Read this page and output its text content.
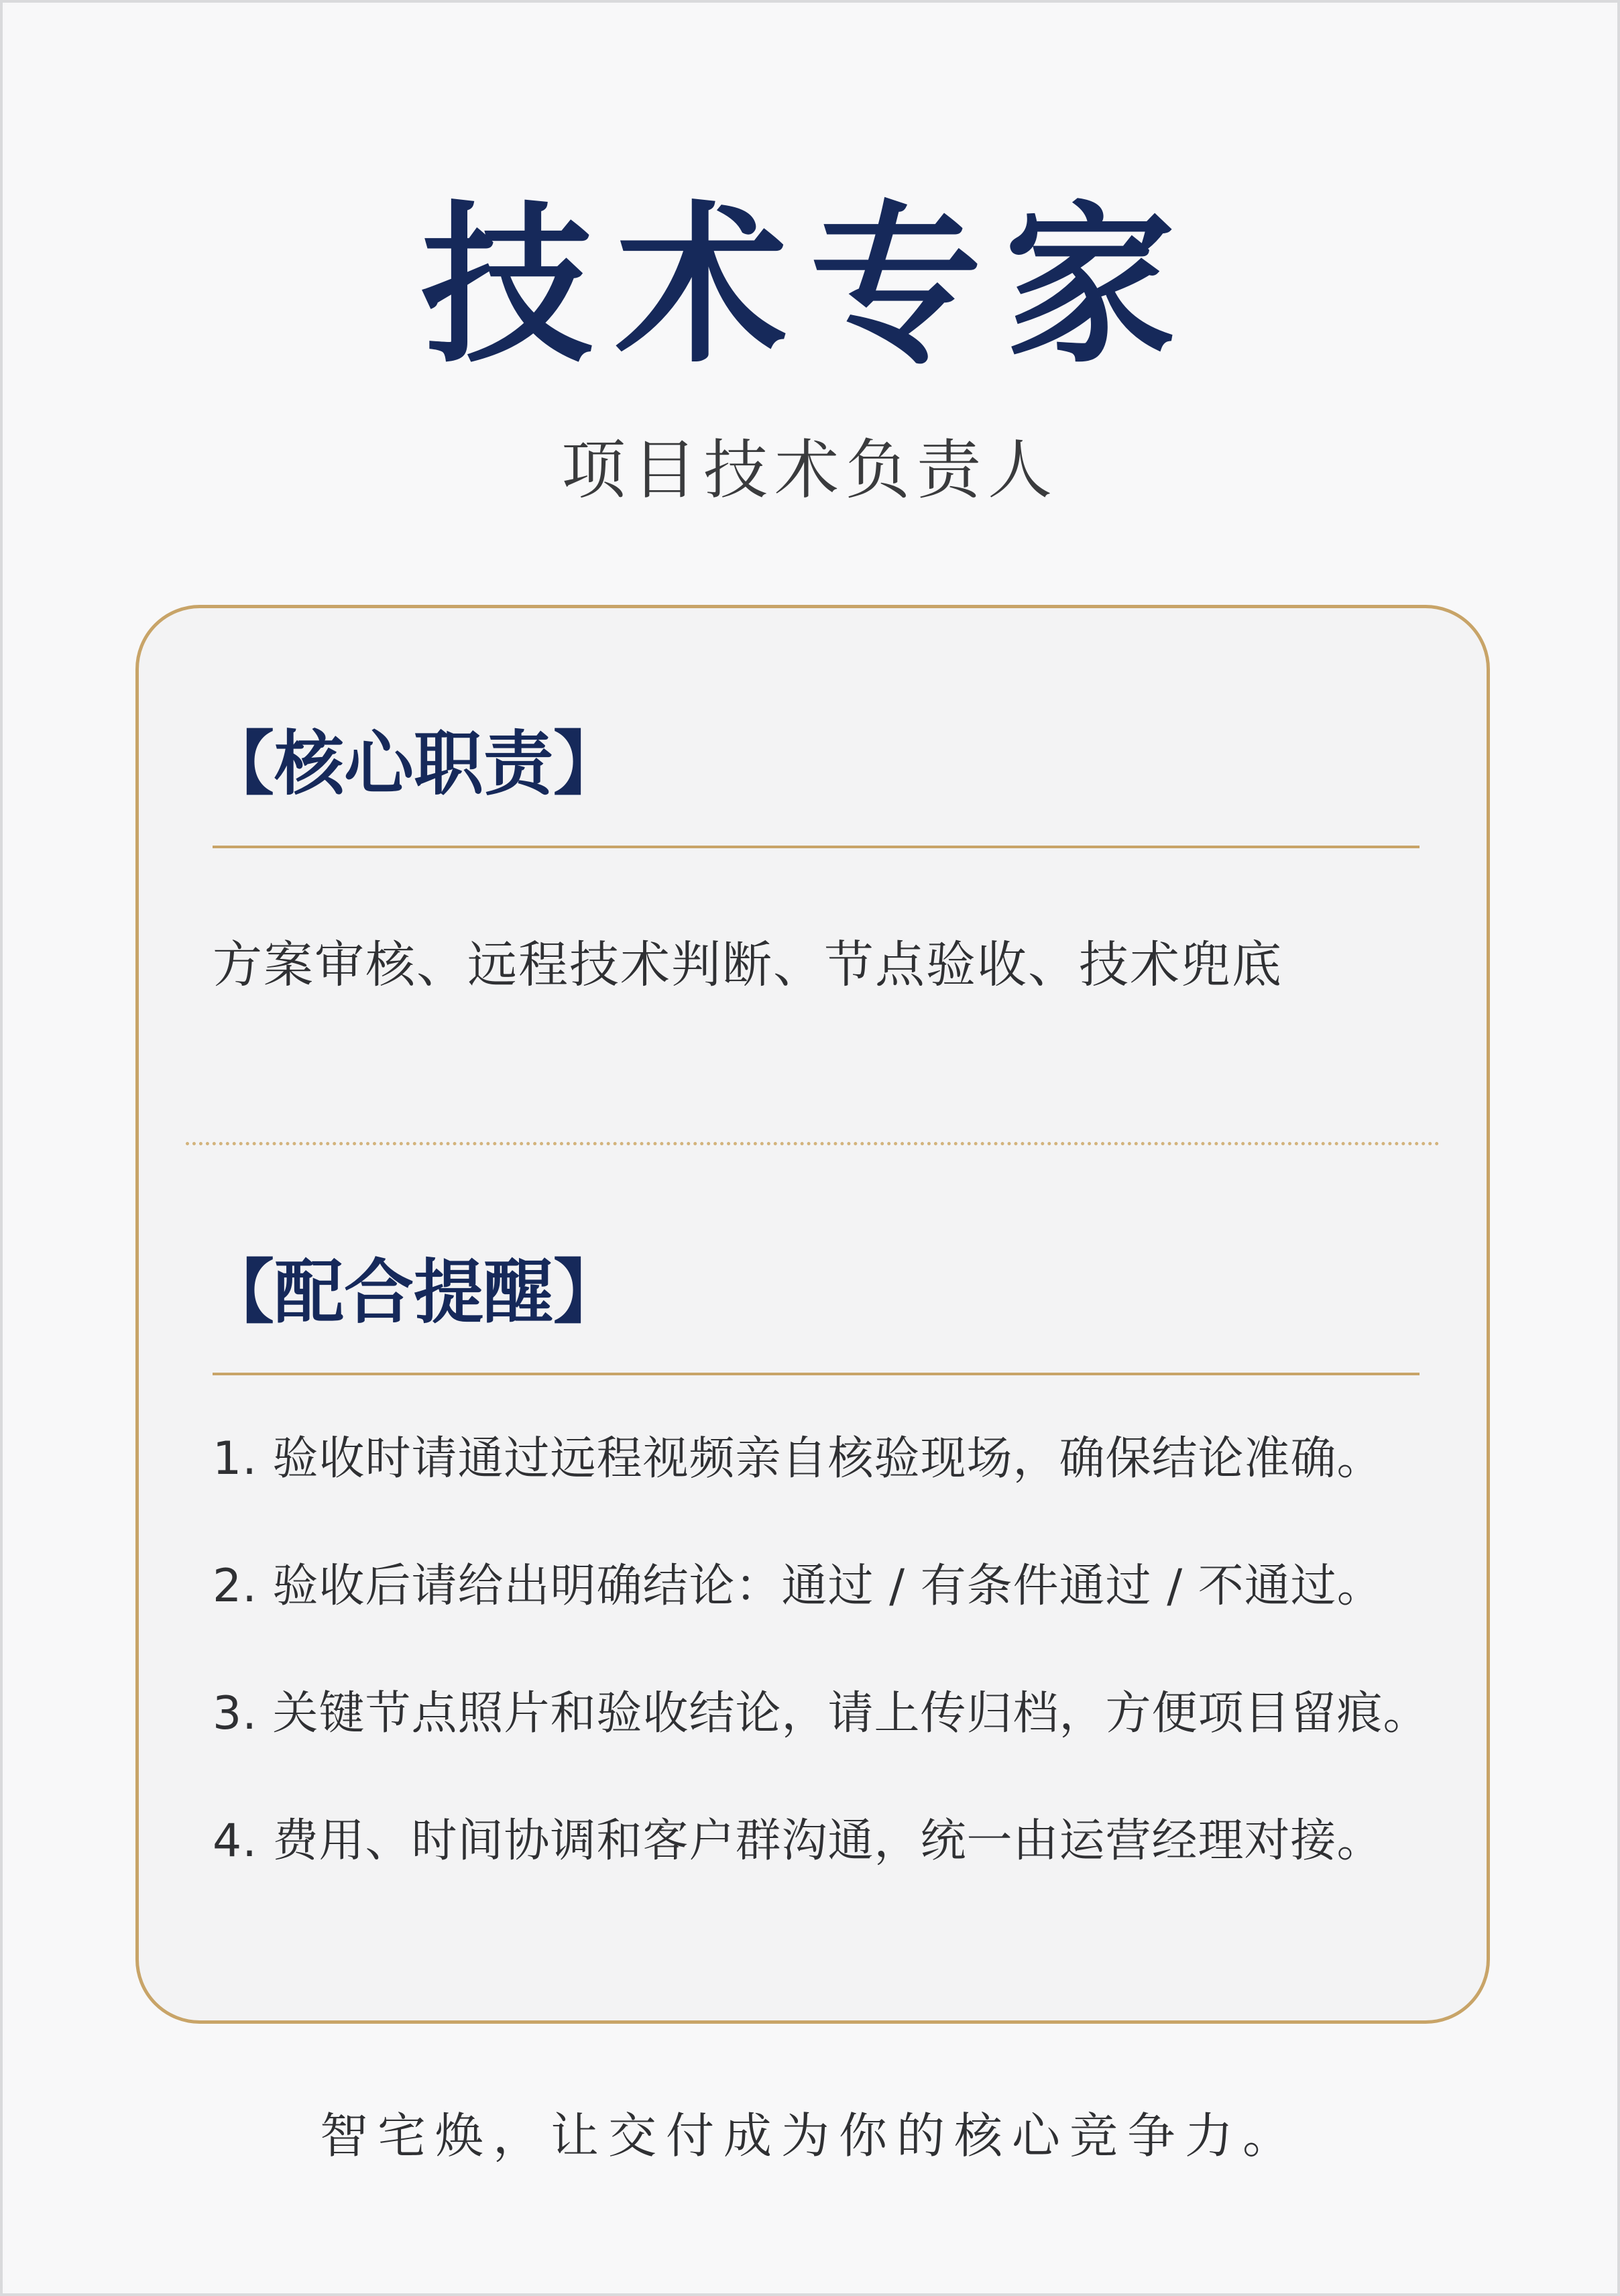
技术专家
项目技术负责人
【核心职责】
方案审核、远程技术判断、节点验收、技术兜底
【配合提醒】
1. 验收时请通过远程视频亲自核验现场，确保结论准确。
2. 验收后请给出明确结论：通过 / 有条件通过 / 不通过。
3. 关键节点照片和验收结论，请上传归档，方便项目留痕。
4. 费用、时间协调和客户群沟通，统一由运营经理对接。
智宅焕，让交付成为你的核心竞争力。
